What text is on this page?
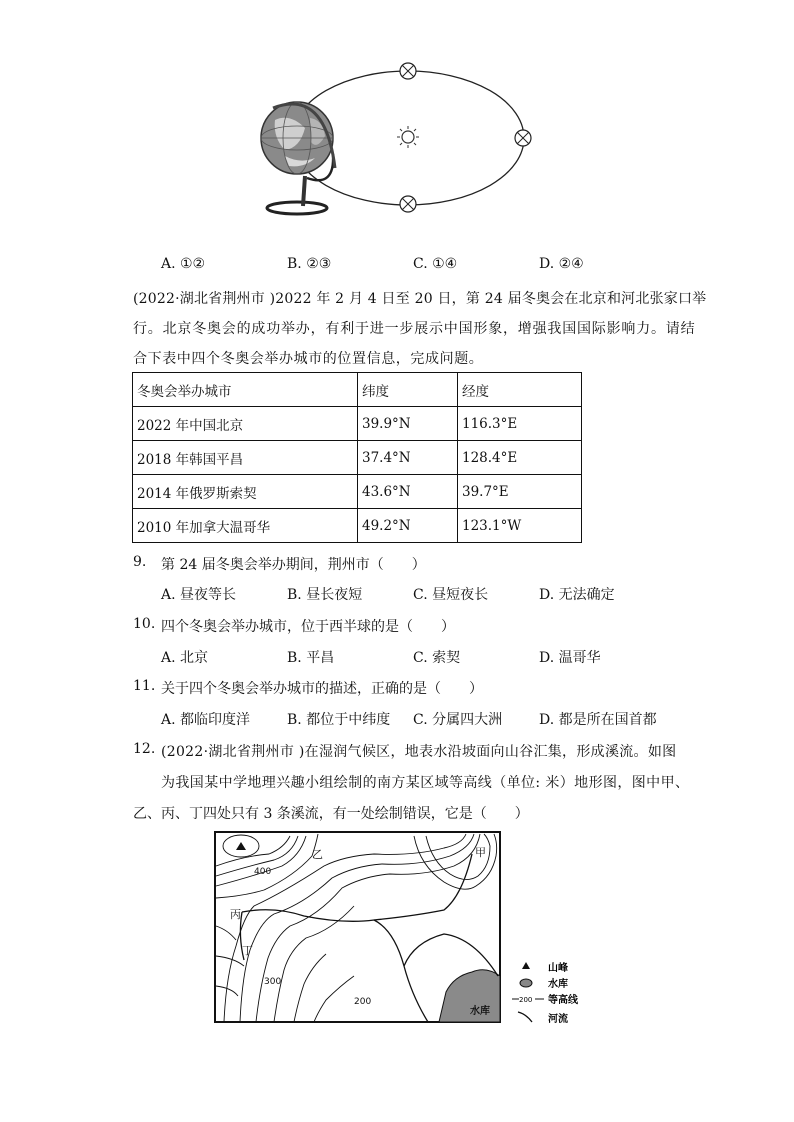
A. ①②	B. ②③	C. ①④	D. ②④
(2022·湖北省荆州市 )2022 年 2 月 4 日至 20 日，第 24 届冬奥会在北京和河北张家口举
行。北京冬奥会的成功举办，有利于进一步展示中国形象，增强我国国际影响力。请结
合下表中四个冬奥会举办城市的位置信息，完成问题。
冬奥会举办城市	纬度	经度
2022 年中国北京	39.9°N	116.3°E
2018 年韩国平昌	37.4°N	128.4°E
2014 年俄罗斯索契	43.6°N	39.7°E
2010 年加拿大温哥华	49.2°N	123.1°W
9. 第 24 届冬奥会举办期间，荆州市（　　）
A. 昼夜等长	B. 昼长夜短	C. 昼短夜长	D. 无法确定
10. 四个冬奥会举办城市，位于西半球的是（　　）
A. 北京	B. 平昌	C. 索契	D. 温哥华
11. 关于四个冬奥会举办城市的描述，正确的是（　　）
A. 都临印度洋	B. 都位于中纬度 C. 分属四大洲	D. 都是所在国首都
12. (2022·湖北省荆州市 )在湿润气候区，地表水沿坡面向山谷汇集，形成溪流。如图
为我国某中学地理兴趣小组绘制的南方某区域等高线（单位: 米）地形图，图中甲、
乙、丙、丁四处只有 3 条溪流，有一处绘制错误，它是（　　）
水库
乙	甲
丙
丁
400
300
200
山峰
水库
200 等高线
河流
